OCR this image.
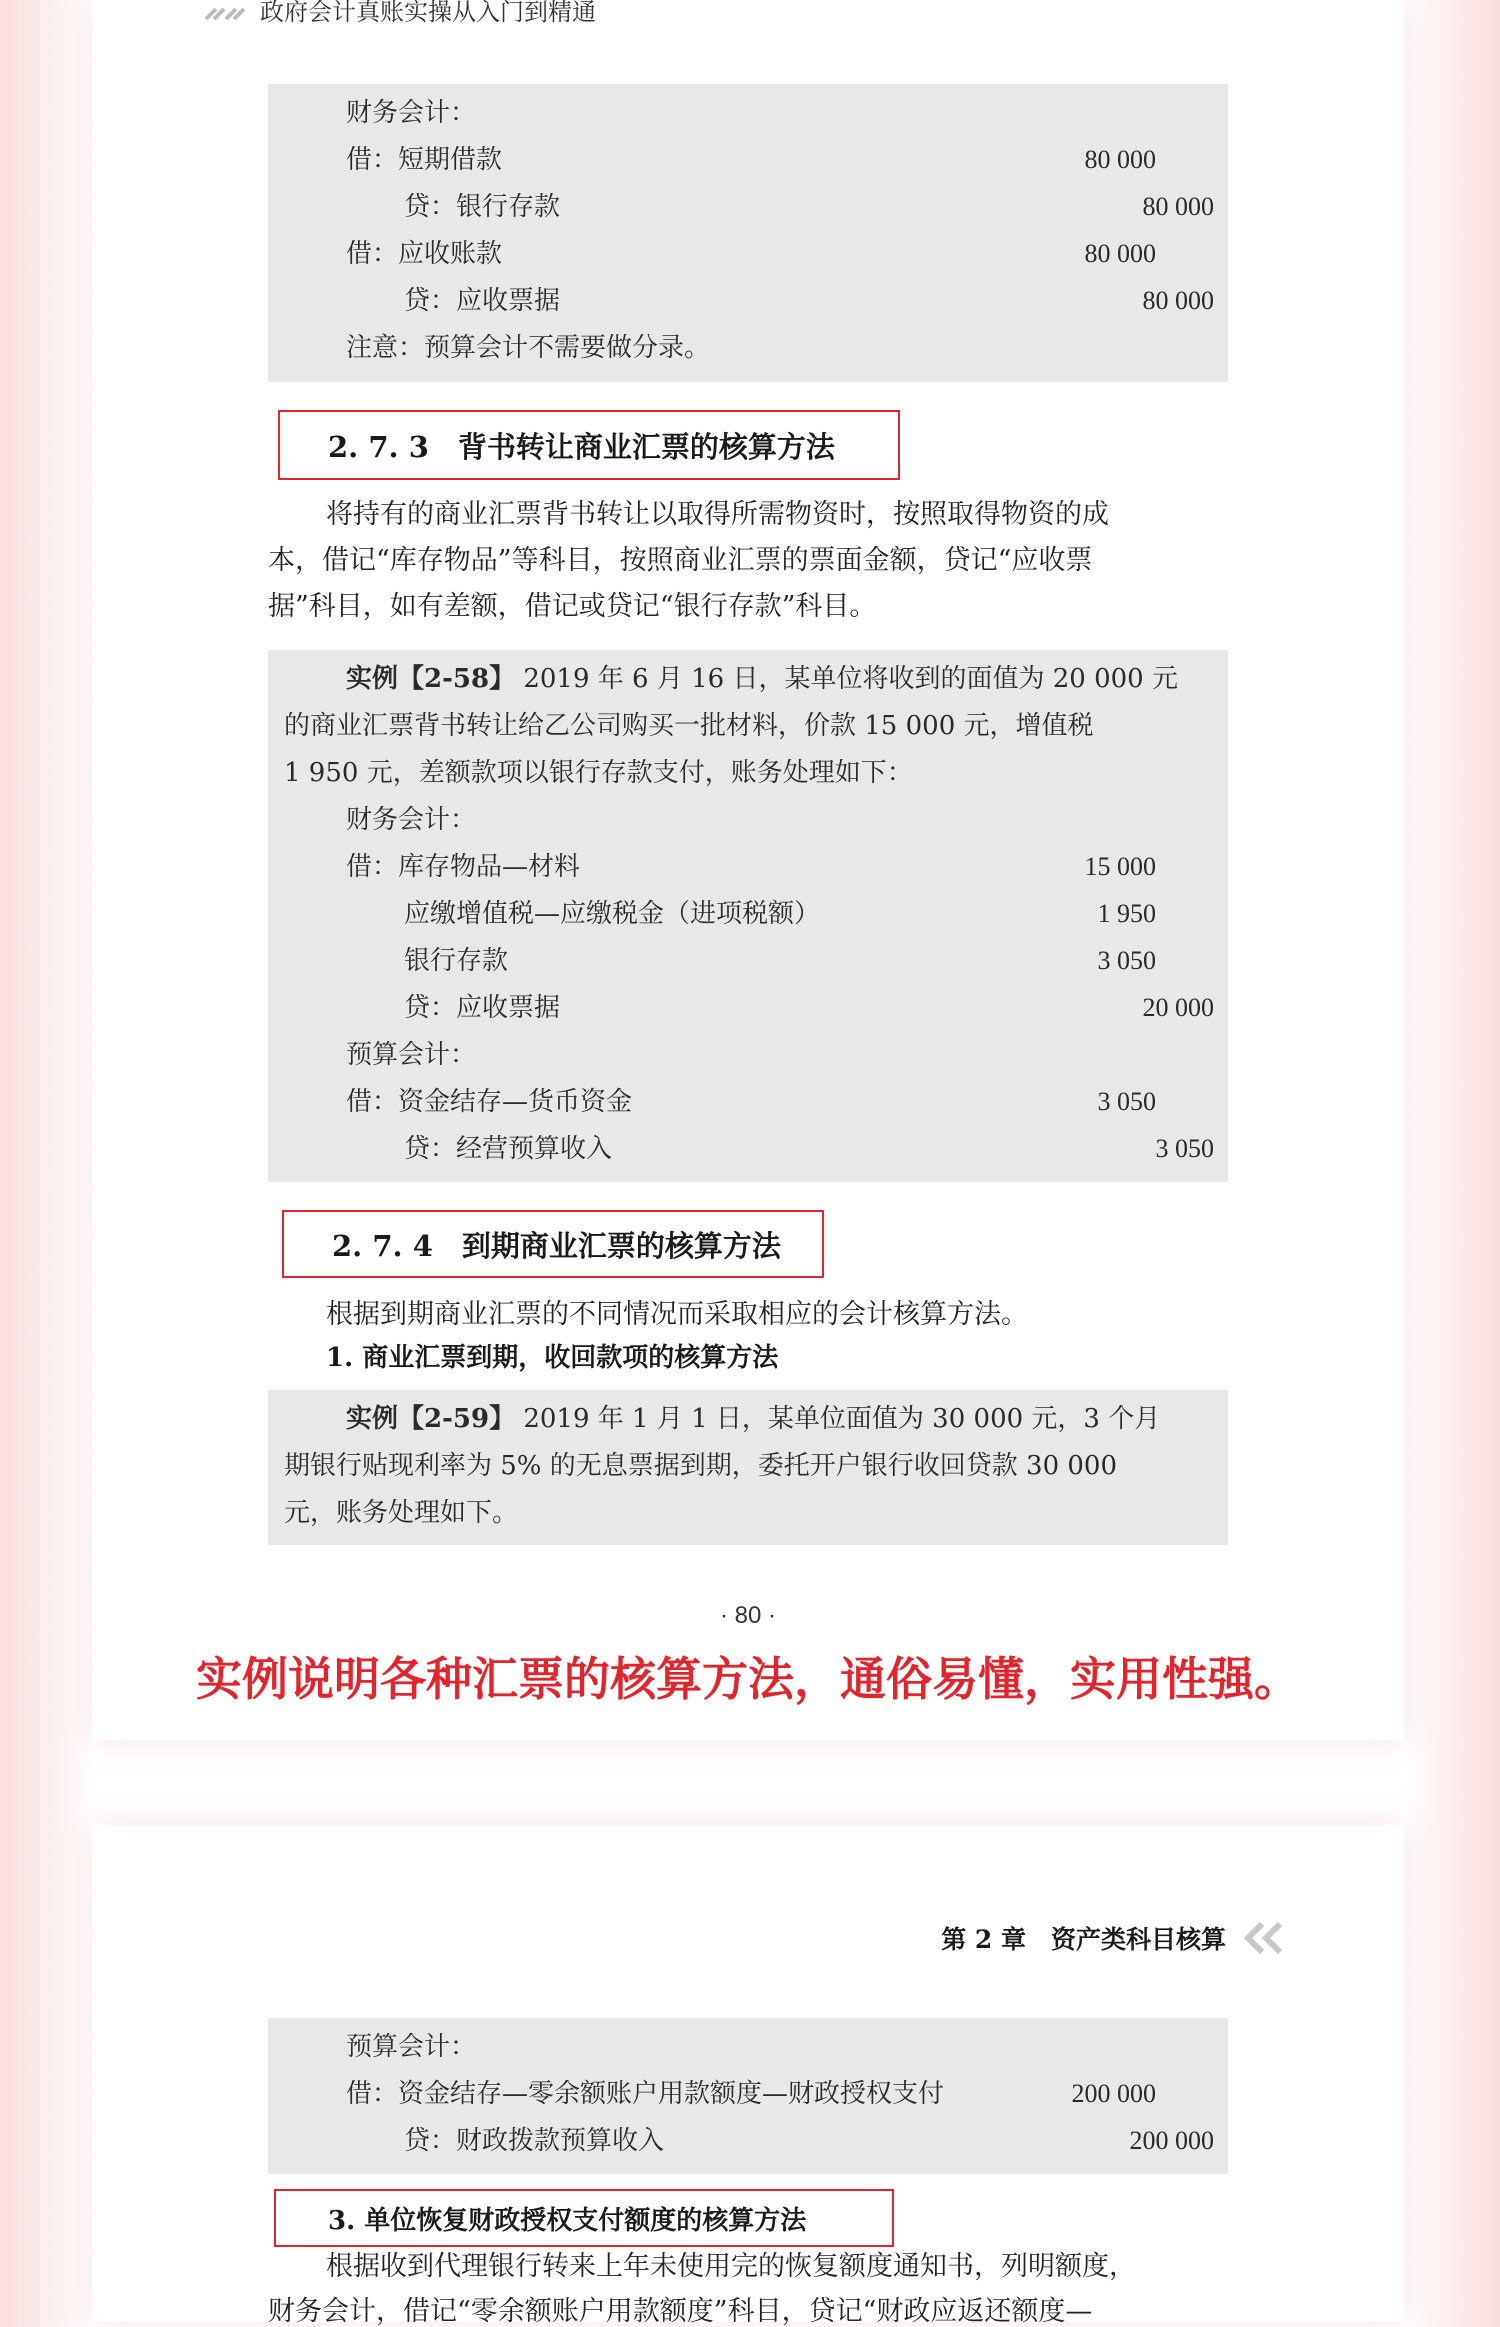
政府会计真账实操从入门到精通
财务会计：
借：短期借款	80 000
贷：银行存款	80 000
借：应收账款	80 000
贷：应收票据	80 000
注意：预算会计不需要做分录。
2. 7. 3　背书转让商业汇票的核算方法
将持有的商业汇票背书转让以取得所需物资时，按照取得物资的成
本，借记“库存物品”等科目，按照商业汇票的票面金额，贷记“应收票
据”科目，如有差额，借记或贷记“银行存款”科目。
实例【2-58】 2019 年 6 月 16 日，某单位将收到的面值为 20 000 元
的商业汇票背书转让给乙公司购买一批材料，价款 15 000 元，增值税
1 950 元，差额款项以银行存款支付，账务处理如下：
财务会计：
借：库存物品—材料	15 000
应缴增值税—应缴税金（进项税额）	1 950
银行存款	3 050
贷：应收票据	20 000
预算会计：
借：资金结存—货币资金	3 050
贷：经营预算收入	3 050
2. 7. 4　到期商业汇票的核算方法
根据到期商业汇票的不同情况而采取相应的会计核算方法。
1. 商业汇票到期，收回款项的核算方法
实例【2-59】 2019 年 1 月 1 日，某单位面值为 30 000 元，3 个月
期银行贴现利率为 5% 的无息票据到期，委托开户银行收回贷款 30 000
元，账务处理如下。
· 80 ·
实例说明各种汇票的核算方法，通俗易懂，实用性强。
第 2 章　资产类科目核算
预算会计：
借：资金结存—零余额账户用款额度—财政授权支付	200 000
贷：财政拨款预算收入	200 000
3. 单位恢复财政授权支付额度的核算方法
根据收到代理银行转来上年未使用完的恢复额度通知书，列明额度，
财务会计，借记“零余额账户用款额度”科目，贷记“财政应返还额度—
